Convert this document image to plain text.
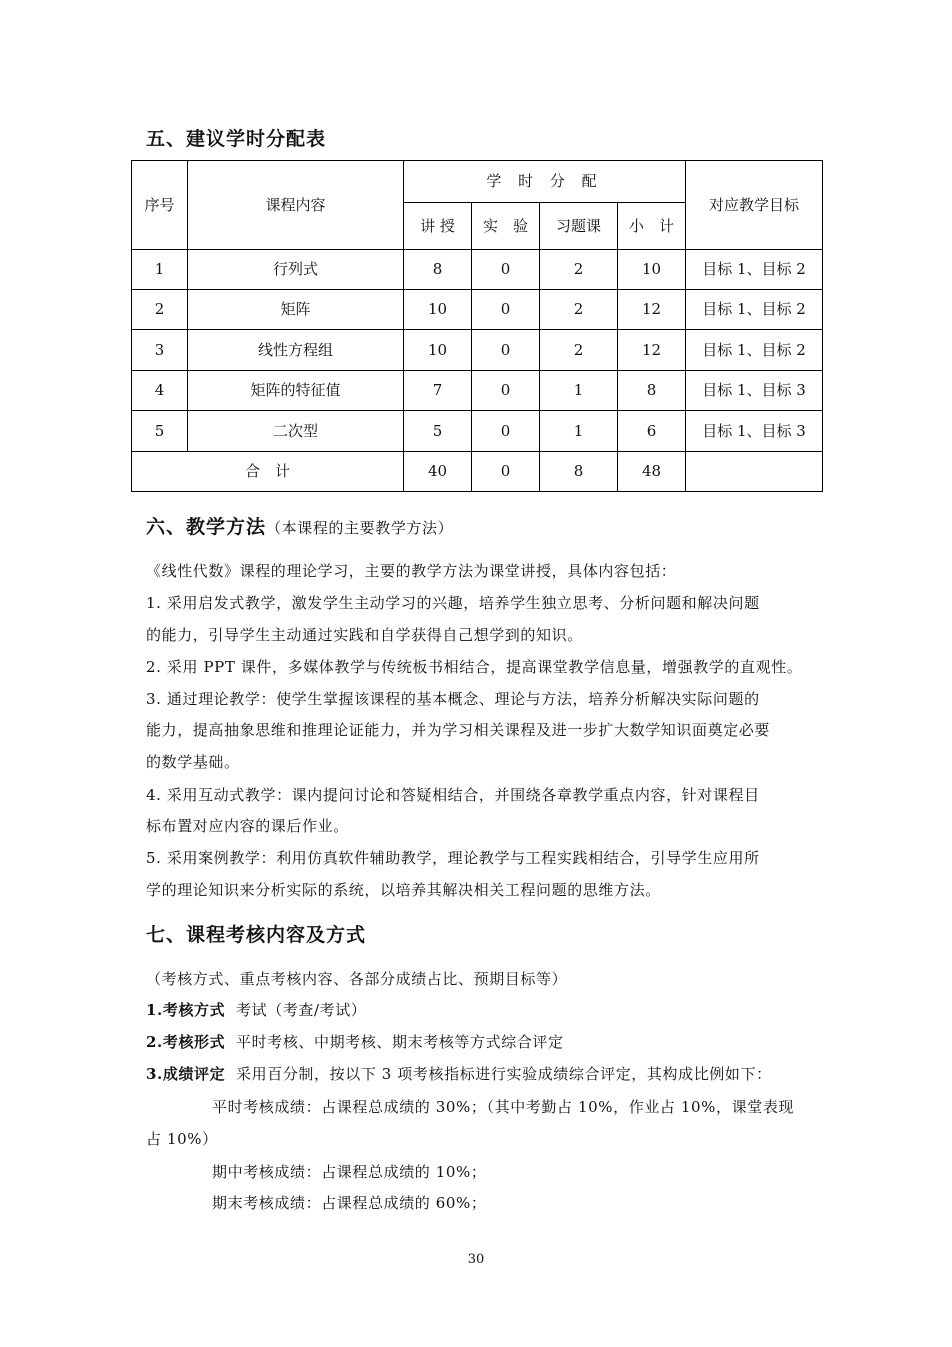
五、建议学时分配表
序号	课程内容	学 时 分 配				对应教学目标
		讲 授	实　验	习题课	小　计	
1	行列式	8	0	2	10	目标 1、目标 2
2	矩阵	10	0	2	12	目标 1、目标 2
3	线性方程组	10	0	2	12	目标 1、目标 2
4	矩阵的特征值	7	0	1	8	目标 1、目标 3
5	二次型	5	0	1	6	目标 1、目标 3
合　计		40	0	8	48	
六、教学方法（本课程的主要教学方法）
《线性代数》课程的理论学习，主要的教学方法为课堂讲授，具体内容包括：
1. 采用启发式教学，激发学生主动学习的兴趣，培养学生独立思考、分析问题和解决问题
的能力，引导学生主动通过实践和自学获得自己想学到的知识。
2. 采用 PPT 课件，多媒体教学与传统板书相结合，提高课堂教学信息量，增强教学的直观性。
3. 通过理论教学：使学生掌握该课程的基本概念、理论与方法，培养分析解决实际问题的
能力，提高抽象思维和推理论证能力，并为学习相关课程及进一步扩大数学知识面奠定必要
的数学基础。
4. 采用互动式教学：课内提问讨论和答疑相结合，并围绕各章教学重点内容，针对课程目
标布置对应内容的课后作业。
5. 采用案例教学：利用仿真软件辅助教学，理论教学与工程实践相结合，引导学生应用所
学的理论知识来分析实际的系统，以培养其解决相关工程问题的思维方法。
七、课程考核内容及方式
（考核方式、重点考核内容、各部分成绩占比、预期目标等）
1.考核方式 考试（考查/考试）
2.考核形式 平时考核、中期考核、期末考核等方式综合评定
3.成绩评定 采用百分制，按以下 3 项考核指标进行实验成绩综合评定，其构成比例如下：
平时考核成绩：占课程总成绩的 30%；（其中考勤占 10%，作业占 10%，课堂表现
占 10%）
期中考核成绩：占课程总成绩的 10%；
期末考核成绩：占课程总成绩的 60%；
30
